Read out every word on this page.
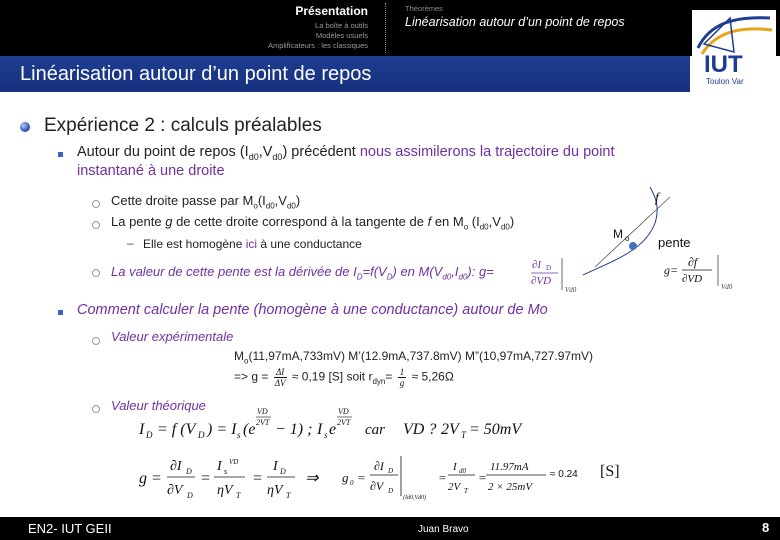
Présentation
La boîte à outils
Modèles usuels
Amplificateurs : les classiques
Théorèmes
Linéarisation autour d’un point de repos
IUT
Toulon Var
Linéarisation autour d’un point de repos
Expérience 2 : calculs préalables
Autour du point de repos $(I_{d0},V_{d0})$ précédent nous assimilerons la trajectoire du point
instantané à une droite
Cette droite passe par $M_o(I_{d0},V_{d0})$
La pente g de cette droite correspond à la tangente de f en $M_o$ $(I_{d0},V_{d0})$
– Elle est homogène ici à une conductance
La valeur de cette pente est la dérivée de $I_D=f(V_D)$ en $M(V_{d0},I_{d0})$: g=	∂I D
∂VD
Vd0
f
M o pente
g=
∂f
∂VD
Vd0
Comment calculer la pente (homogène à une conductance) autour de Mo
Valeur expérimentale
$M_o(11,97mA,733mV)$ M’(12.9mA,737.8mV) M”(10,97mA,727.97mV)
=> g = ΔI
ΔV ≈ 0,19 [S] soit $r_{dyn}= 1$
g ≈ 5,26Ω
Valeur théorique
I D = f (V D ) = I s (e
VD
2VT − 1) ; I s e
VD
2VT car VD ? 2V T = 50mV
g =
∂I D
∂V D
=
I s
VD
ηV T
=
I D
ηV T
⇒ g 0 =
∂I D
∂V D
(Id0,Vd0)
=
I d0
2V T
=
11.97mA
2 × 25mV
≈ 0.24 [S]
EN2- IUT GEII	Juan Bravo	8
